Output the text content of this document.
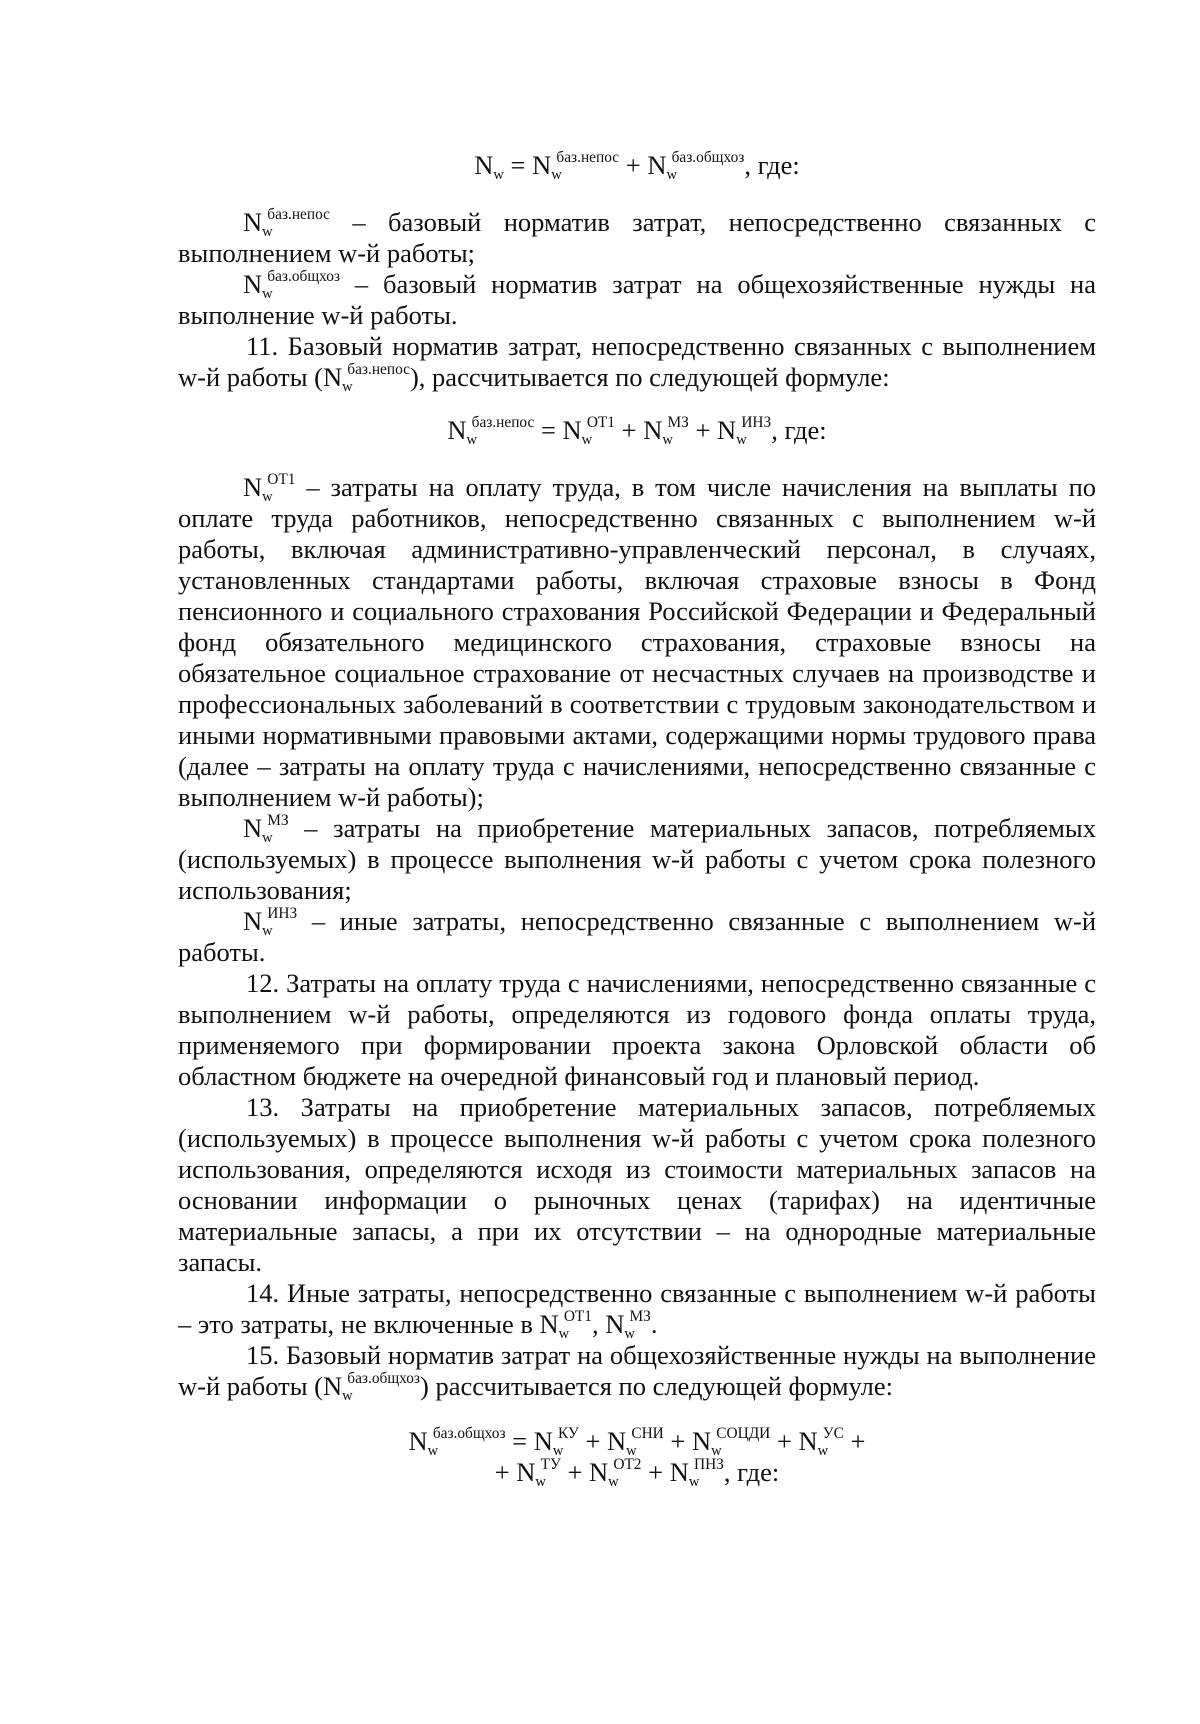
$N_w = N_w^{баз.непос} + N_w^{баз.общхоз}$, где:

$N_w^{баз.непос}$ – базовый норматив затрат, непосредственно связанных с выполнением w-й работы;

$N_w^{баз.общхоз}$ – базовый норматив затрат на общехозяйственные нужды на выполнение w-й работы.

11. Базовый норматив затрат, непосредственно связанных с выполнением w-й работы $(N_w^{баз.непос})$, рассчитывается по следующей формуле:

$N_w^{баз.непос} = N_w^{ОТ1} + N_w^{МЗ} + N_w^{ИНЗ}$, где:

$N_w^{ОТ1}$ – затраты на оплату труда, в том числе начисления на выплаты по оплате труда работников, непосредственно связанных с выполнением w-й работы, включая административно-управленческий персонал, в случаях, установленных стандартами работы, включая страховые взносы в Фонд пенсионного и социального страхования Российской Федерации и Федеральный фонд обязательного медицинского страхования, страховые взносы на обязательное социальное страхование от несчастных случаев на производстве и профессиональных заболеваний в соответствии с трудовым законодательством и иными нормативными правовыми актами, содержащими нормы трудового права (далее – затраты на оплату труда с начислениями, непосредственно связанные с выполнением w-й работы);

$N_w^{МЗ}$ – затраты на приобретение материальных запасов, потребляемых (используемых) в процессе выполнения w-й работы с учетом срока полезного использования;

$N_w^{ИНЗ}$ – иные затраты, непосредственно связанные с выполнением w-й работы.

12. Затраты на оплату труда с начислениями, непосредственно связанные с выполнением w-й работы, определяются из годового фонда оплаты труда, применяемого при формировании проекта закона Орловской области об областном бюджете на очередной финансовый год и плановый период.

13. Затраты на приобретение материальных запасов, потребляемых (используемых) в процессе выполнения w-й работы с учетом срока полезного использования, определяются исходя из стоимости материальных запасов на основании информации о рыночных ценах (тарифах) на идентичные материальные запасы, а при их отсутствии – на однородные материальные запасы.

14. Иные затраты, непосредственно связанные с выполнением w-й работы – это затраты, не включенные в $N_w^{ОТ1}$, $N_w^{МЗ}$.

15. Базовый норматив затрат на общехозяйственные нужды на выполнение w-й работы $(N_w^{баз.общхоз})$ рассчитывается по следующей формуле:

$N_w^{баз.общхоз} = N_w^{КУ} + N_w^{СНИ} + N_w^{СОЦДИ} + N_w^{УС}$ +
+ $N_w^{ТУ} + N_w^{ОТ2} + N_w^{ПНЗ}$, где:
